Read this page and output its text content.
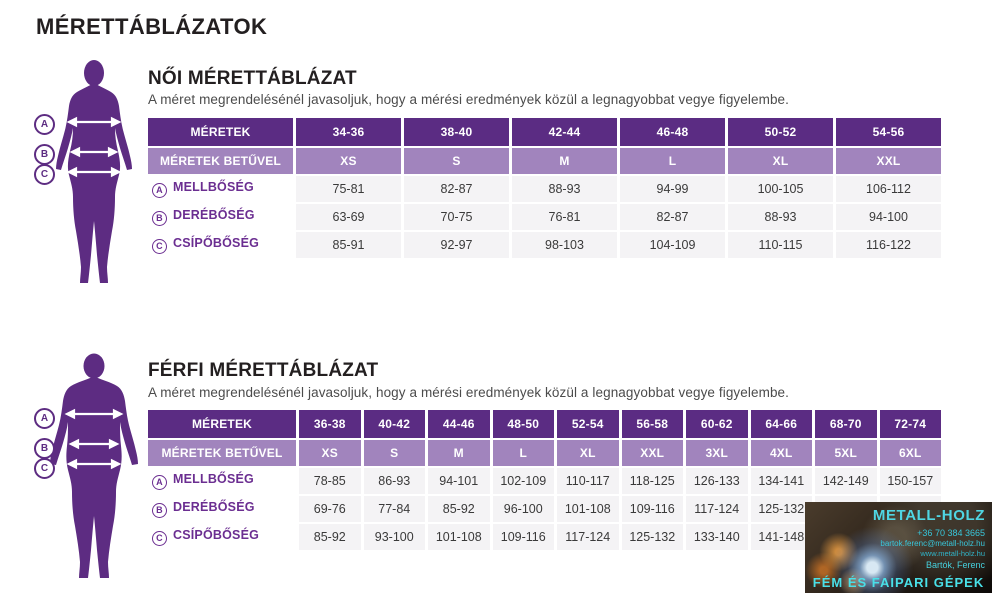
MÉRETTÁBLÁZATOK
A
B
C
NŐI MÉRETTÁBLÁZAT

A méret megrendelésénél javasoljuk, hogy a mérési eredmények közül a legnagyobbat vegye figyelembe.

MÉRETEK	34-36	38-40	42-44	46-48	50-52	54-56
MÉRETEK BETŰVEL	XS	S	M	L	XL	XXL
A MELLBŐSÉG	75-81	82-87	88-93	94-99	100-105	106-112
B DERÉBŐSÉG	63-69	70-75	76-81	82-87	88-93	94-100
C CSÍPŐBŐSÉG	85-91	92-97	98-103	104-109	110-115	116-122
A
B
C
FÉRFI MÉRETTÁBLÁZAT

A méret megrendelésénél javasoljuk, hogy a mérési eredmények közül a legnagyobbat vegye figyelembe.

MÉRETEK	36-38	40-42	44-46	48-50	52-54	56-58	60-62	64-66	68-70	72-74
MÉRETEK BETŰVEL	XS	S	M	L	XL	XXL	3XL	4XL	5XL	6XL
A MELLBŐSÉG	78-85	86-93	94-101	102-109	110-117	118-125	126-133	134-141	142-149	150-157
B DERÉBŐSÉG	69-76	77-84	85-92	96-100	101-108	109-116	117-124	125-132		
C CSÍPŐBŐSÉG	85-92	93-100	101-108	109-116	117-124	125-132	133-140	141-148		
METALL-HOLZ
+36 70 384 3665
bartok.ferenc@metall-holz.hu
www.metall-holz.hu
Bartók, Ferenc
FÉM ÉS FAIPARI GÉPEK
